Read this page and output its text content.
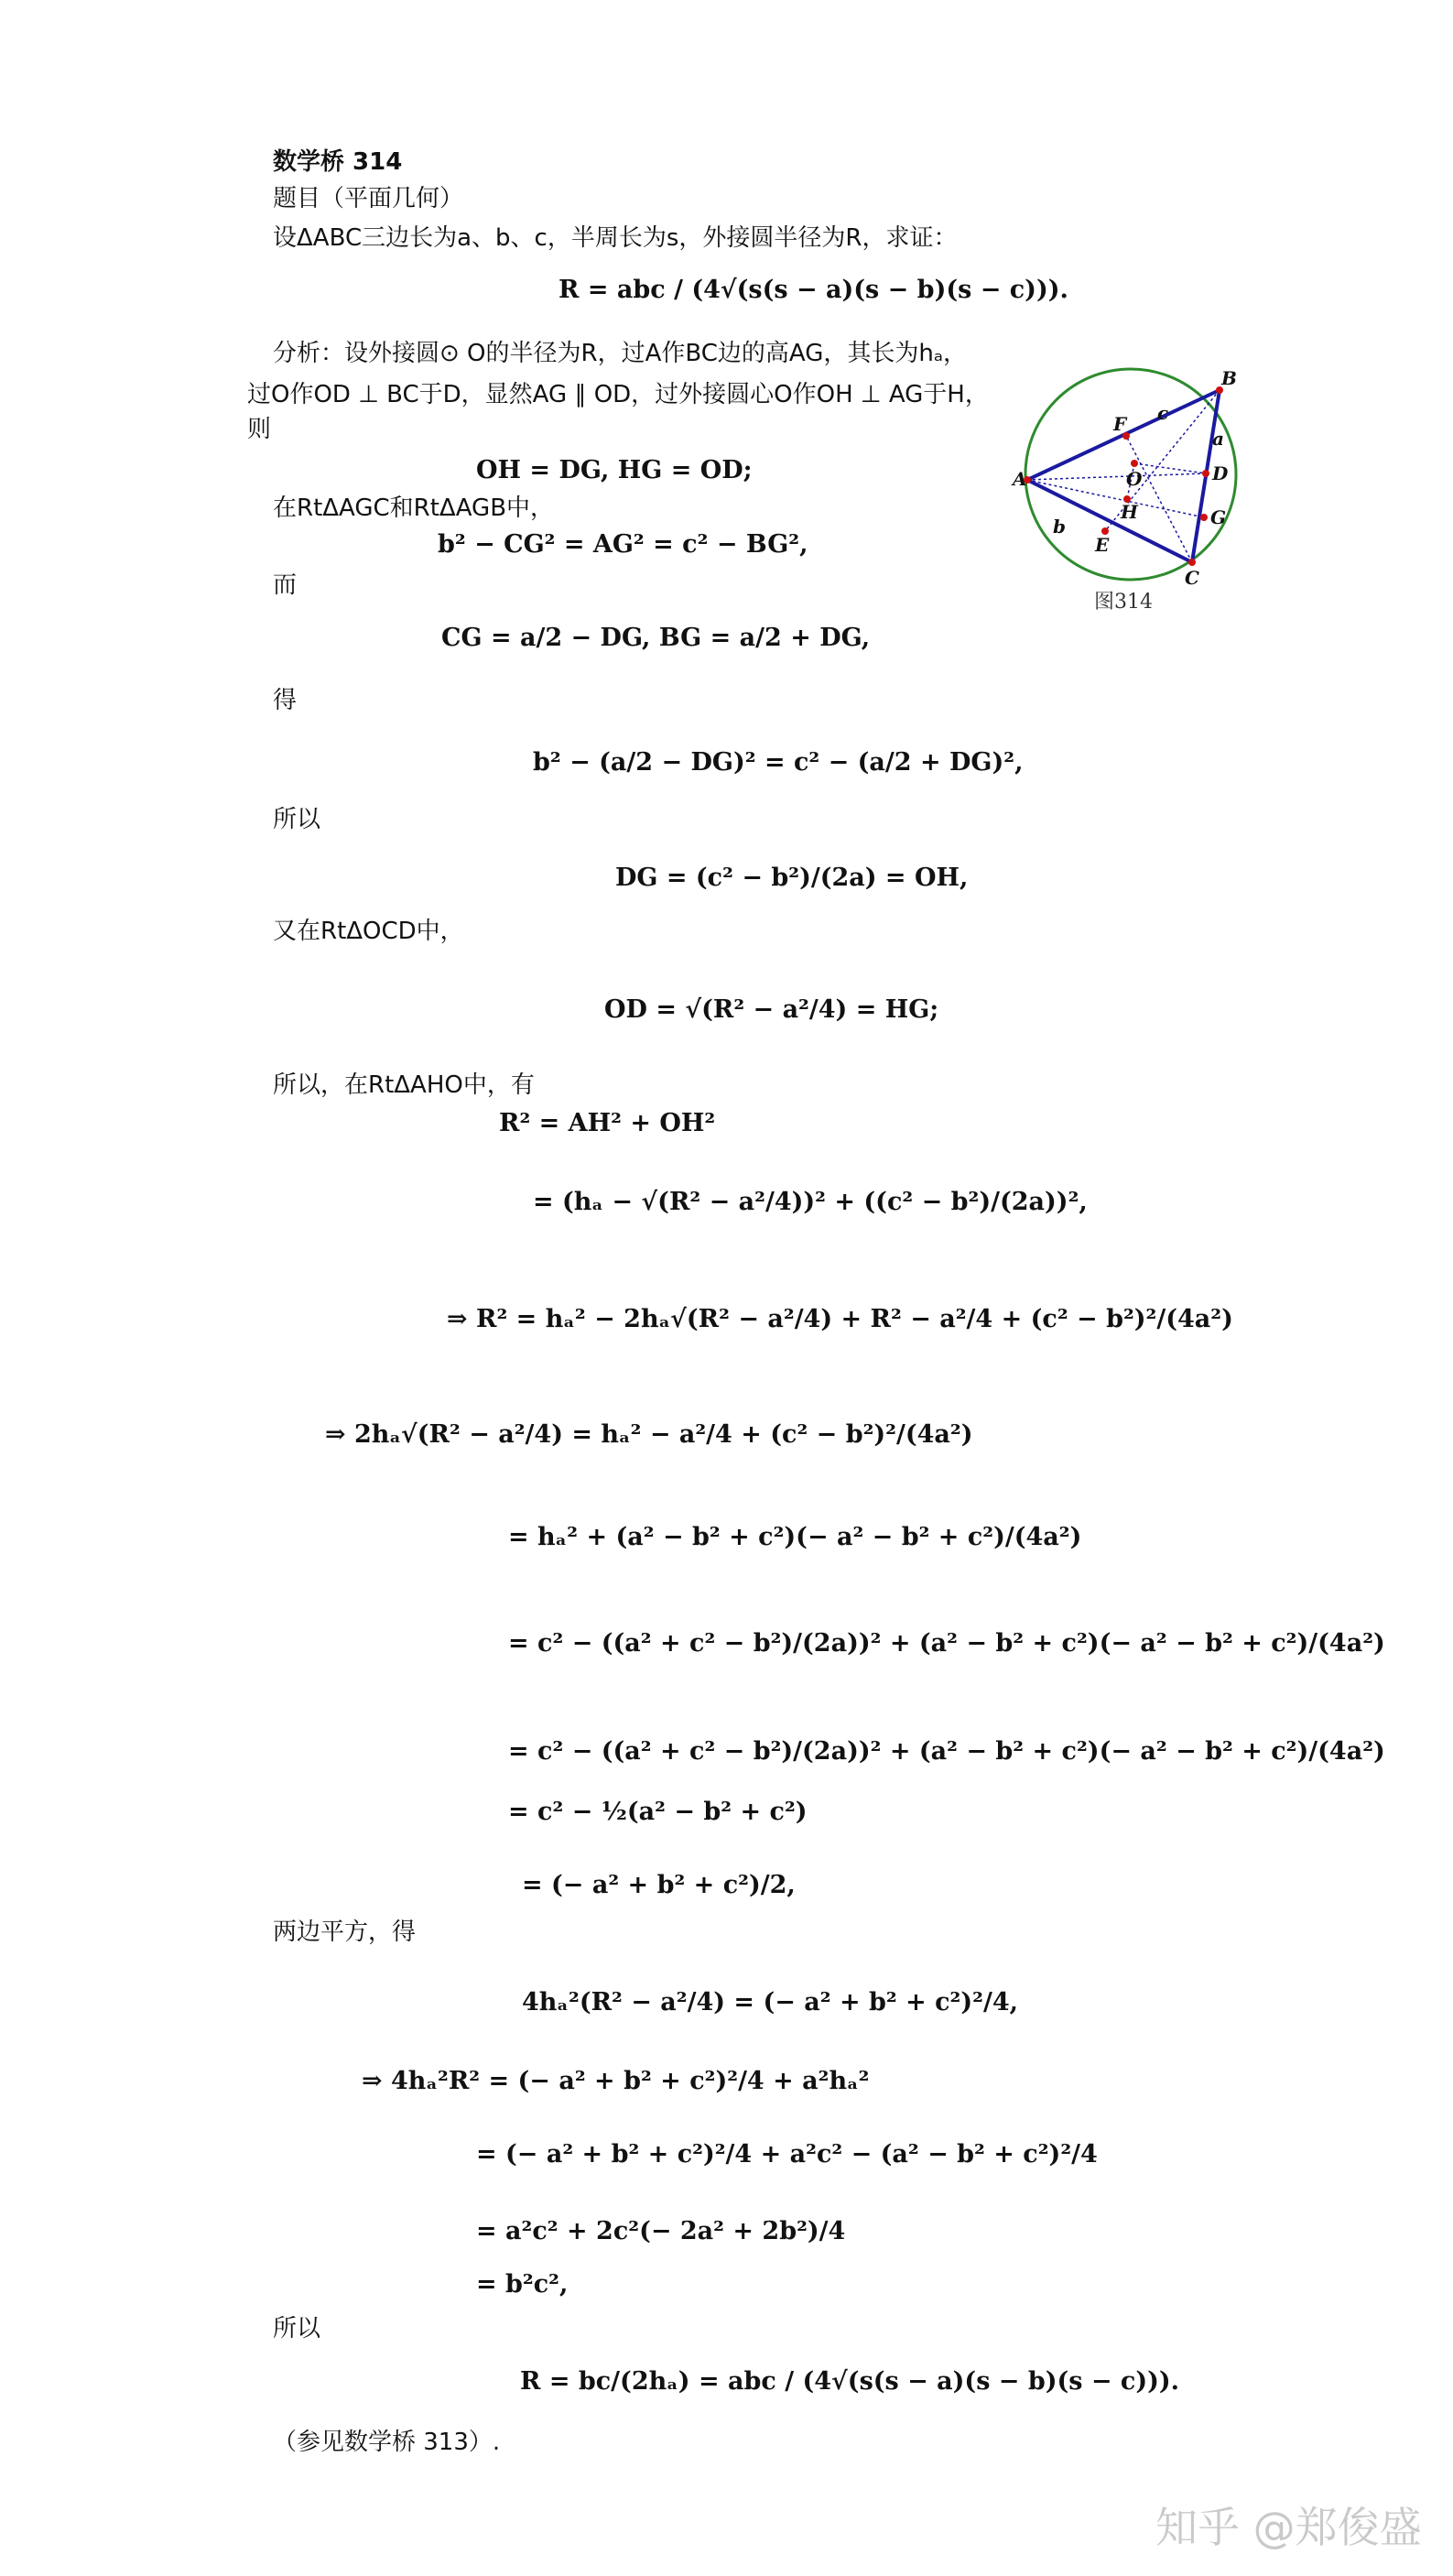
数学桥 314
题目（平面几何）
设ΔABC三边长为a、b、c，半周长为s，外接圆半径为R，求证：
R = abc / (4√(s(s − a)(s − b)(s − c))).
分析：设外接圆⊙ O的半径为R，过A作BC边的高AG，其长为hₐ，
过O作OD ⊥ BC于D，显然AG ∥ OD，过外接圆心O作OH ⊥ AG于H，
则
OH = DG, HG = OD;
在RtΔAGC和RtΔAGB中，
b² − CG² = AG² = c² − BG²,
而
CG = a/2 − DG, BG = a/2 + DG,
得
b² − (a/2 − DG)² = c² − (a/2 + DG)²,
所以
DG = (c² − b²)/(2a) = OH,
又在RtΔOCD中，
OD = √(R² − a²/4) = HG;
所以，在RtΔAHO中，有
R² = AH² + OH²
= (hₐ − √(R² − a²/4))² + ((c² − b²)/(2a))²,
⇒ R² = hₐ² − 2hₐ√(R² − a²/4) + R² − a²/4 + (c² − b²)²/(4a²)
⇒ 2hₐ√(R² − a²/4) = hₐ² − a²/4 + (c² − b²)²/(4a²)
= hₐ² + (a² − b² + c²)(− a² − b² + c²)/(4a²)
= c² − ((a² + c² − b²)/(2a))² + (a² − b² + c²)(− a² − b² + c²)/(4a²)
= c² − ((a² + c² − b²)/(2a))² + (a² − b² + c²)(− a² − b² + c²)/(4a²)
= c² − ½(a² − b² + c²)
= (− a² + b² + c²)/2,
两边平方，得
4hₐ²(R² − a²/4) = (− a² + b² + c²)²/4,
⇒ 4hₐ²R² = (− a² + b² + c²)²/4 + a²hₐ²
= (− a² + b² + c²)²/4 + a²c² − (a² − b² + c²)²/4
= a²c² + 2c²(− 2a² + 2b²)/4
= b²c²,
所以
R = bc/(2hₐ) = abc / (4√(s(s − a)(s − b)(s − c))).
（参见数学桥 313）.
A
B
C
D
E
F
G
H
O
a
b
c
图314
知乎 @郑俊盛
